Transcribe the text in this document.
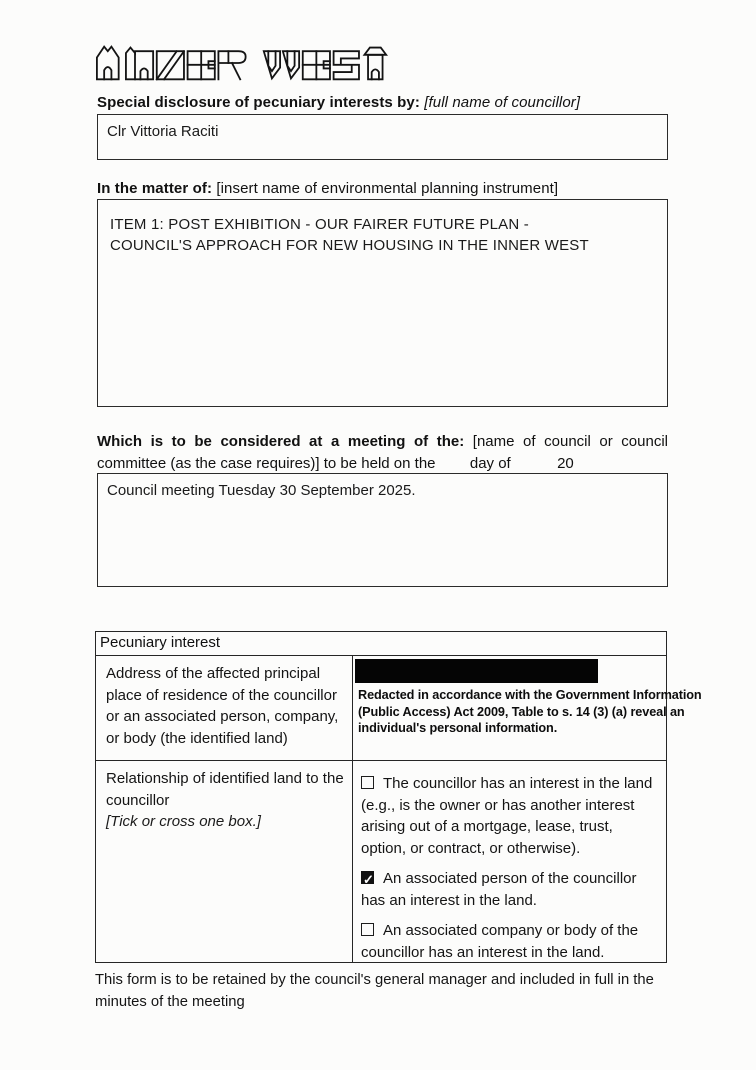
Special disclosure of pecuniary interests by: [full name of councillor]
Clr Vittoria Raciti
In the matter of: [insert name of environmental planning instrument]
ITEM 1: POST EXHIBITION - OUR FAIRER FUTURE PLAN - COUNCIL'S APPROACH FOR NEW HOUSING IN THE INNER WEST
Which is to be considered at a meeting of the: [name of council or council committee (as the case requires)] to be held on the day of	20
Council meeting Tuesday 30 September 2025.
Pecuniary interest
Address of the affected principal place of residence of the councillor or an associated person, company, or body (the identified land)
Redacted in accordance with the Government Information (Public Access) Act 2009, Table to s. 14 (3) (a) reveal an individual's personal information.
Relationship of identified land to the councillor
[Tick or cross one box.]
The councillor has an interest in the land (e.g., is the owner or has another interest arising out of a mortgage, lease, trust, option, or contract, or otherwise).
✓An associated person of the councillor has an interest in the land.
An associated company or body of the councillor has an interest in the land.
This form is to be retained by the council's general manager and included in full in the minutes of the meeting
